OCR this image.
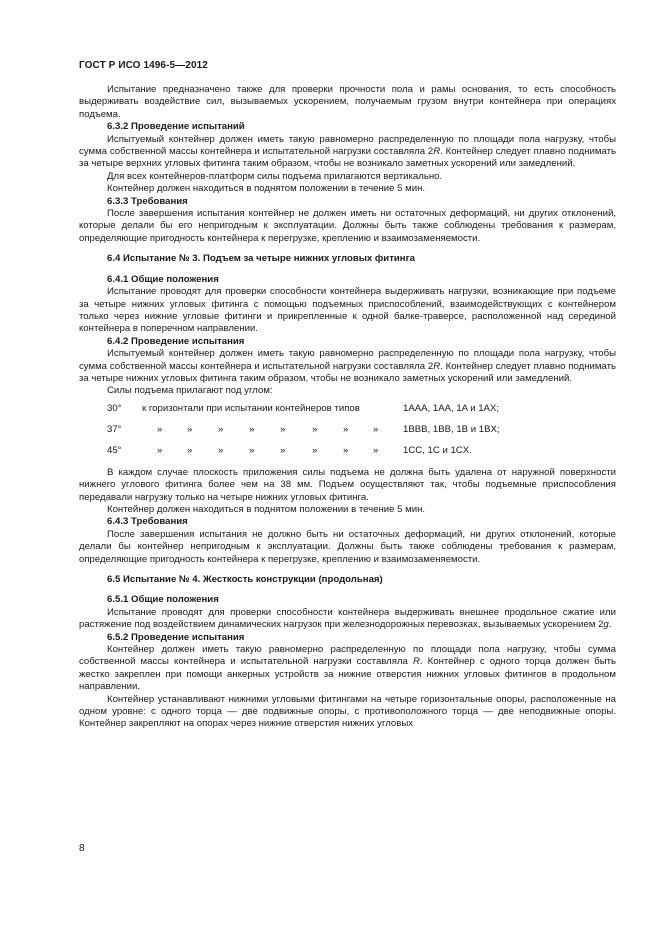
ГОСТ Р ИСО 1496-5—2012

Испытание предназначено также для проверки прочности пола и рамы основания, то есть способность выдерживать воздействие сил, вызываемых ускорением, получаемым грузом внутри контейнера при операциях подъема.

6.3.2 Проведение испытаний

Испытуемый контейнер должен иметь такую равномерно распределенную по площади пола нагрузку, чтобы сумма собственной массы контейнера и испытательной нагрузки составляла 2R. Контейнер следует плавно поднимать за четыре верхних угловых фитинга таким образом, чтобы не возникало заметных ускорений или замедлений.

Для всех контейнеров-платформ силы подъема прилагаются вертикально.

Контейнер должен находиться в поднятом положении в течение 5 мин.

6.3.3 Требования

После завершения испытания контейнер не должен иметь ни остаточных деформаций, ни других отклонений, которые делали бы его непригодным к эксплуатации. Должны быть также соблюдены требования к размерам, определяющие пригодность контейнера к перегрузке, креплению и взаимозаменяемости.

6.4 Испытание № 3. Подъем за четыре нижних угловых фитинга

6.4.1 Общие положения

Испытание проводят для проверки способности контейнера выдерживать нагрузки, возникающие при подъеме за четыре нижних угловых фитинга с помощью подъемных приспособлений, взаимодействующих с контейнером только через нижние угловые фитинги и прикрепленные к одной балке-траверсе, расположенной над серединой контейнера в поперечном направлении.

6.4.2 Проведение испытания

Испытуемый контейнер должен иметь такую равномерно распределенную по площади пола нагрузку, чтобы сумма собственной массы контейнера и испытательной нагрузки составляла 2R. Контейнер следует плавно поднимать за четыре нижних угловых фитинга таким образом, чтобы не возникало заметных ускорений или замедлений.

Силы подъема прилагают под углом:

30° к горизонтали при испытании контейнеров типов	1AAA, 1AA, 1A и 1AX;
37°	»	»	»	»	»	»	»	»	1BBB, 1BB, 1B и 1BX;
45°	»	»	»	»	»	»	»	»	1CC, 1C и 1CX.

В каждом случае плоскость приложения силы подъема не должна быть удалена от наружной поверхности нижнего углового фитинга более чем на 38 мм. Подъем осуществляют так, чтобы подъемные приспособления передавали нагрузку только на четыре нижних угловых фитинга.

Контейнер должен находиться в поднятом положении в течение 5 мин.

6.4.3 Требования

После завершения испытания не должно быть ни остаточных деформаций, ни других отклонений, которые делали бы контейнер непригодным к эксплуатации. Должны быть также соблюдены требования к размерам, определяющие пригодность контейнера к перегрузке, креплению и взаимозаменяемости.

6.5 Испытание № 4. Жесткость конструкции (продольная)

6.5.1 Общие положения

Испытание проводят для проверки способности контейнера выдерживать внешнее продольное сжатие или растяжение под воздействием динамических нагрузок при железнодорожных перевозках, вызываемых ускорением 2g.

6.5.2 Проведение испытания

Контейнер должен иметь такую равномерно распределенную по площади пола нагрузку, чтобы сумма собственной массы контейнера и испытательной нагрузки составляла R. Контейнер с одного торца должен быть жестко закреплен при помощи анкерных устройств за нижние отверстия нижних угловых фитингов в продольном направлении.

Контейнер устанавливают нижними угловыми фитингами на четыре горизонтальные опоры, расположенные на одном уровне: с одного торца — две подвижные опоры, с противоположного торца — две неподвижные опоры. Контейнер закрепляют на опорах через нижние отверстия нижних угловых

8
